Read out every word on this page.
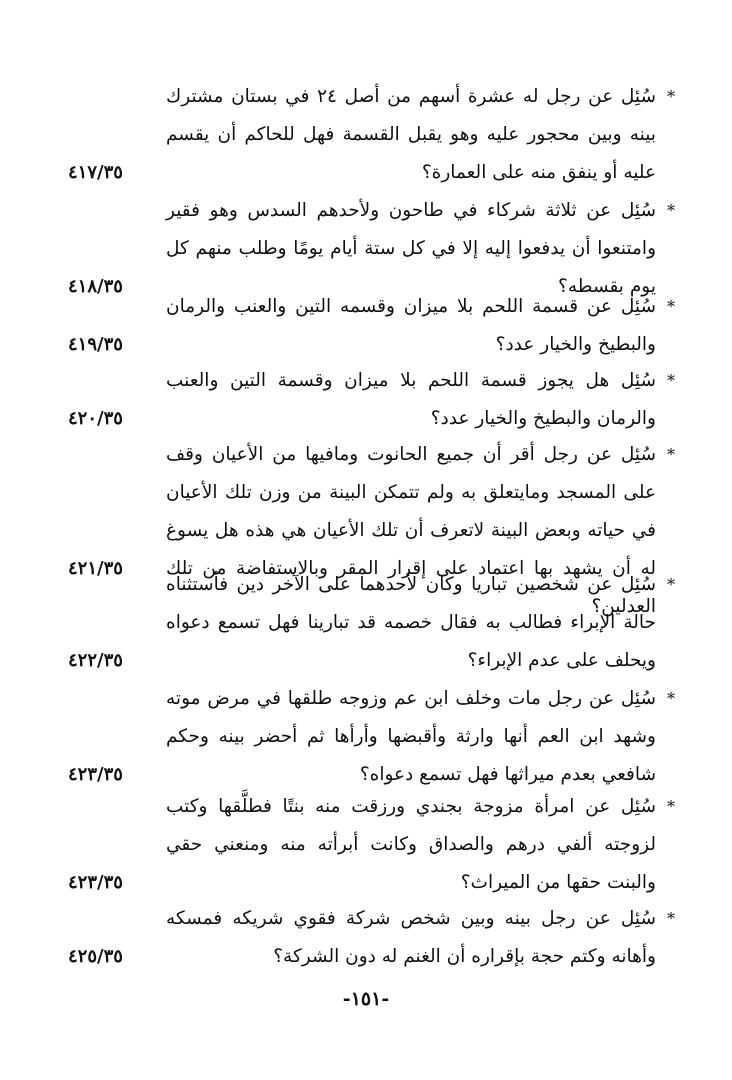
*
سُئِل عن رجل له عشرة أسهم من أصل ٢٤ في بستان مشترك بينه وبين محجور عليه وهو يقبل القسمة فهل للحاكم أن يقسم عليه أو ينفق منه على العمارة؟
٤١٧/٣٥
*
سُئِل عن ثلاثة شركاء في طاحون ولأحدهم السدس وهو فقير وامتنعوا أن يدفعوا إليه إلا في كل ستة أيام يومًا وطلب منهم كل يوم بقسطه؟
٤١٨/٣٥
*
سُئِل عن قسمة اللحم بلا ميزان وقسمه التين والعنب والرمان والبطيخ والخيار عدد؟
٤١٩/٣٥
*
سُئِل هل يجوز قسمة اللحم بلا ميزان وقسمة التين والعنب والرمان والبطيخ والخيار عدد؟
٤٢٠/٣٥
*
سُئِل عن رجل أقر أن جميع الحانوت ومافيها من الأعيان وقف على المسجد ومايتعلق به ولم تتمكن البينة من وزن تلك الأعيان في حياته وبعض البينة لاتعرف أن تلك الأعيان هي هذه هل يسوغ له أن يشهد بها اعتماد على إقرار المقر وبالاستفاضة من تلك العدلين؟
٤٢١/٣٥
*
سُئِل عن شخصين تباريا وكان لأحدهما على الآخر دين فأستثناه حالة الإبراء فطالب به فقال خصمه قد تبارينا فهل تسمع دعواه ويحلف على عدم الإبراء؟
٤٢٢/٣٥
*
سُئِل عن رجل مات وخلف ابن عم وزوجه طلقها في مرض موته وشهد ابن العم أنها وارثة وأقبضها وأرأها ثم أحضر بينه وحكم شافعي بعدم ميراثها فهل تسمع دعواه؟
٤٢٣/٣٥
*
سُئِل عن امرأة مزوجة بجندي ورزقت منه بنتًا فطلَّقها وكتب لزوجته ألفي درهم والصداق وكانت أبرأته منه ومنعني حقي والبنت حقها من الميراث؟
٤٢٣/٣٥
*
سُئِل عن رجل بينه وبين شخص شركة فقوي شريكه فمسكه وأهانه وكتم حجة بإقراره أن الغنم له دون الشركة؟
٤٢٥/٣٥
-١٥١-
